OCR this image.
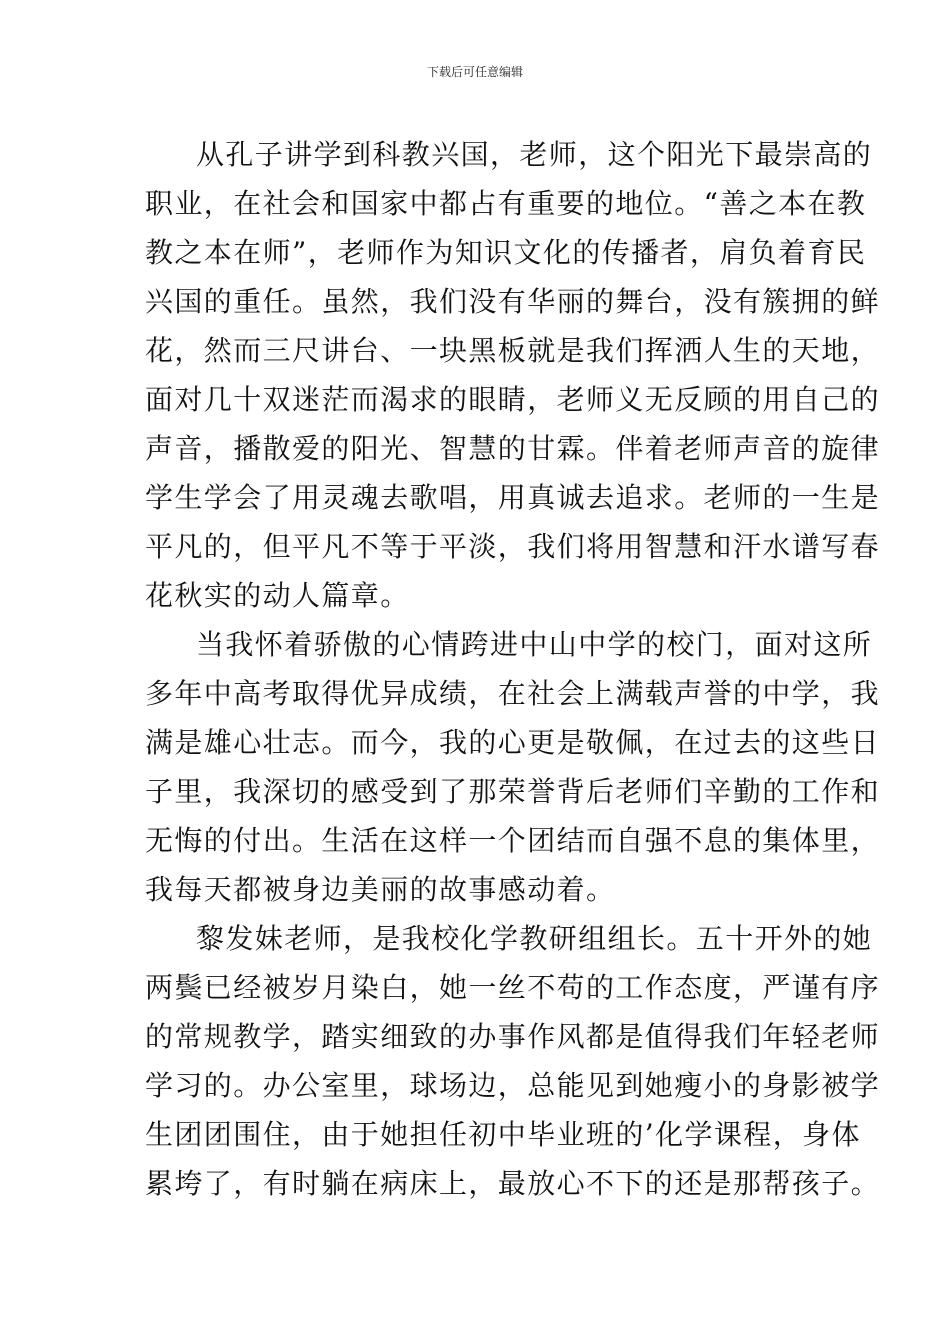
下载后可任意编辑
从孔子讲学到科教兴国，老师，这个阳光下最崇高的
职业，在社会和国家中都占有重要的地位。“善之本在教
教之本在师”，老师作为知识文化的传播者，肩负着育民
兴国的重任。虽然，我们没有华丽的舞台，没有簇拥的鲜
花，然而三尺讲台、一块黑板就是我们挥洒人生的天地，
面对几十双迷茫而渴求的眼睛，老师义无反顾的用自己的
声音，播散爱的阳光、智慧的甘霖。伴着老师声音的旋律
学生学会了用灵魂去歌唱，用真诚去追求。老师的一生是
平凡的，但平凡不等于平淡，我们将用智慧和汗水谱写春
花秋实的动人篇章。
当我怀着骄傲的心情跨进中山中学的校门，面对这所
多年中高考取得优异成绩，在社会上满载声誉的中学，我
满是雄心壮志。而今，我的心更是敬佩，在过去的这些日
子里，我深切的感受到了那荣誉背后老师们辛勤的工作和
无悔的付出。生活在这样一个团结而自强不息的集体里，
我每天都被身边美丽的故事感动着。
黎发妹老师，是我校化学教研组组长。五十开外的她
两鬓已经被岁月染白，她一丝不苟的工作态度，严谨有序
的常规教学，踏实细致的办事作风都是值得我们年轻老师
学习的。办公室里，球场边，总能见到她瘦小的身影被学
生团团围住，由于她担任初中毕业班的’化学课程，身体
累垮了，有时躺在病床上，最放心不下的还是那帮孩子。
